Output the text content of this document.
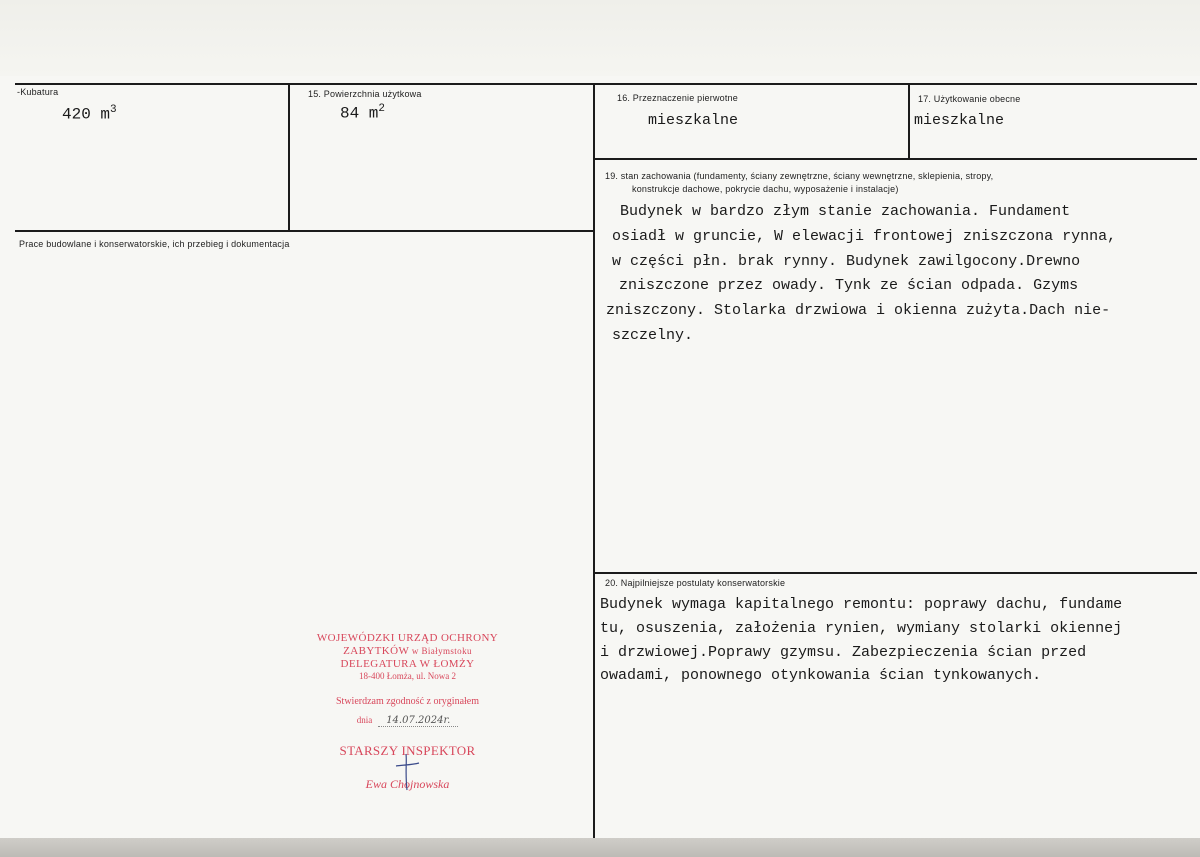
-Kubatura
420 $m^3$
15. Powierzchnia użytkowa
84 $m^2$
16. Przeznaczenie pierwotne
mieszkalne
17. Użytkowanie obecne
mieszkalne
Prace budowlane i konserwatorskie, ich przebieg i dokumentacja
19. stan zachowania (fundamenty, ściany zewnętrzne, ściany wewnętrzne, sklepienia, stropy,
konstrukcje dachowe, pokrycie dachu, wyposażenie i instalacje)
Budynek w bardzo złym stanie zachowania. Fundament
osiadł w gruncie, W elewacji frontowej zniszczona rynna,
w części płn. brak rynny. Budynek zawilgocony.Drewno
zniszczone przez owady. Tynk ze ścian odpada. Gzyms
zniszczony. Stolarka drzwiowa i okienna zużyta.Dach nie-
szczelny.
20. Najpilniejsze postulaty konserwatorskie
Budynek wymaga kapitalnego remontu: poprawy dachu, fundame
tu, osuszenia, założenia rynien, wymiany stolarki okiennej
i drzwiowej.Poprawy gzymsu. Zabezpieczenia ścian przed
owadami, ponownego otynkowania ścian tynkowanych.
WOJEWÓDZKI URZĄD OCHRONY
ZABYTKÓW w Białymstoku
DELEGATURA W ŁOMŻY
18-400 Łomża, ul. Nowa 2
Stwierdzam zgodność z oryginałem
dnia	14.07.2024r.
STARSZY INSPEKTOR
Ewa Chojnowska
